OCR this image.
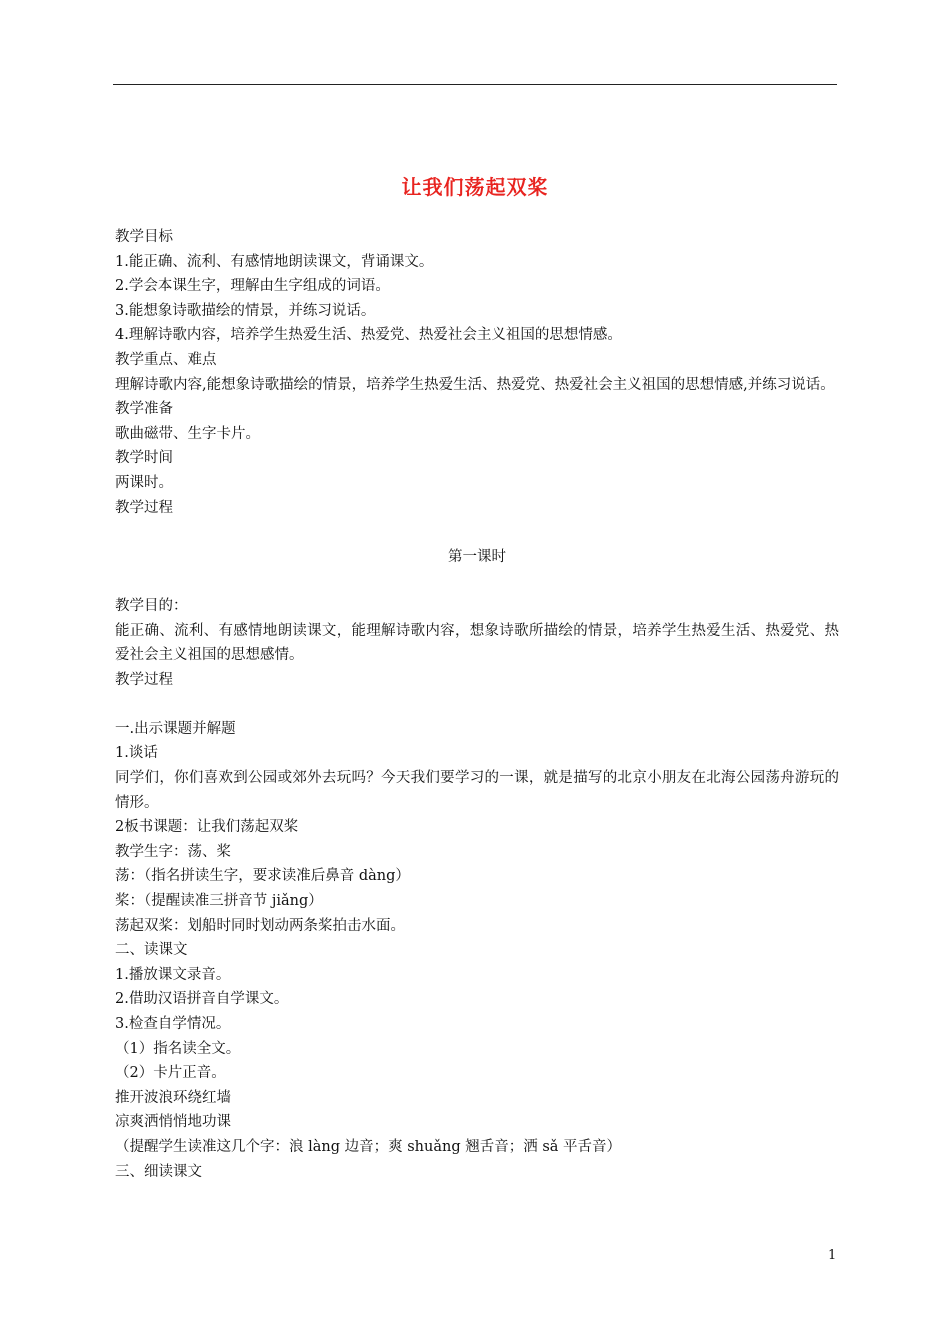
让我们荡起双桨
教学目标
1.能正确、流利、有感情地朗读课文，背诵课文。
2.学会本课生字，理解由生字组成的词语。
3.能想象诗歌描绘的情景，并练习说话。
4.理解诗歌内容，培养学生热爱生活、热爱党、热爱社会主义祖国的思想情感。
教学重点、难点
理解诗歌内容,能想象诗歌描绘的情景，培养学生热爱生活、热爱党、热爱社会主义祖国的思想情感,并练习说话。
教学准备
歌曲磁带、生字卡片。
教学时间
两课时。
教学过程
第一课时
教学目的：
能正确、流利、有感情地朗读课文，能理解诗歌内容，想象诗歌所描绘的情景，培养学生热爱生活、热爱党、热爱社会主义祖国的思想感情。
教学过程
一.出示课题并解题
1.谈话
同学们，你们喜欢到公园或郊外去玩吗？今天我们要学习的一课，就是描写的北京小朋友在北海公园荡舟游玩的情形。
2板书课题：让我们荡起双桨
教学生字：荡、桨
荡：（指名拼读生字，要求读准后鼻音 dàng）
桨：（提醒读准三拼音节 jiǎng）
荡起双桨：划船时同时划动两条桨拍击水面。
二、读课文
1.播放课文录音。
2.借助汉语拼音自学课文。
3.检查自学情况。
（1）指名读全文。
（2）卡片正音。
推开波浪环绕红墙
凉爽洒悄悄地功课
（提醒学生读准这几个字：浪 làng 边音；爽 shuǎng 翘舌音；洒 sǎ 平舌音）
三、细读课文
1
